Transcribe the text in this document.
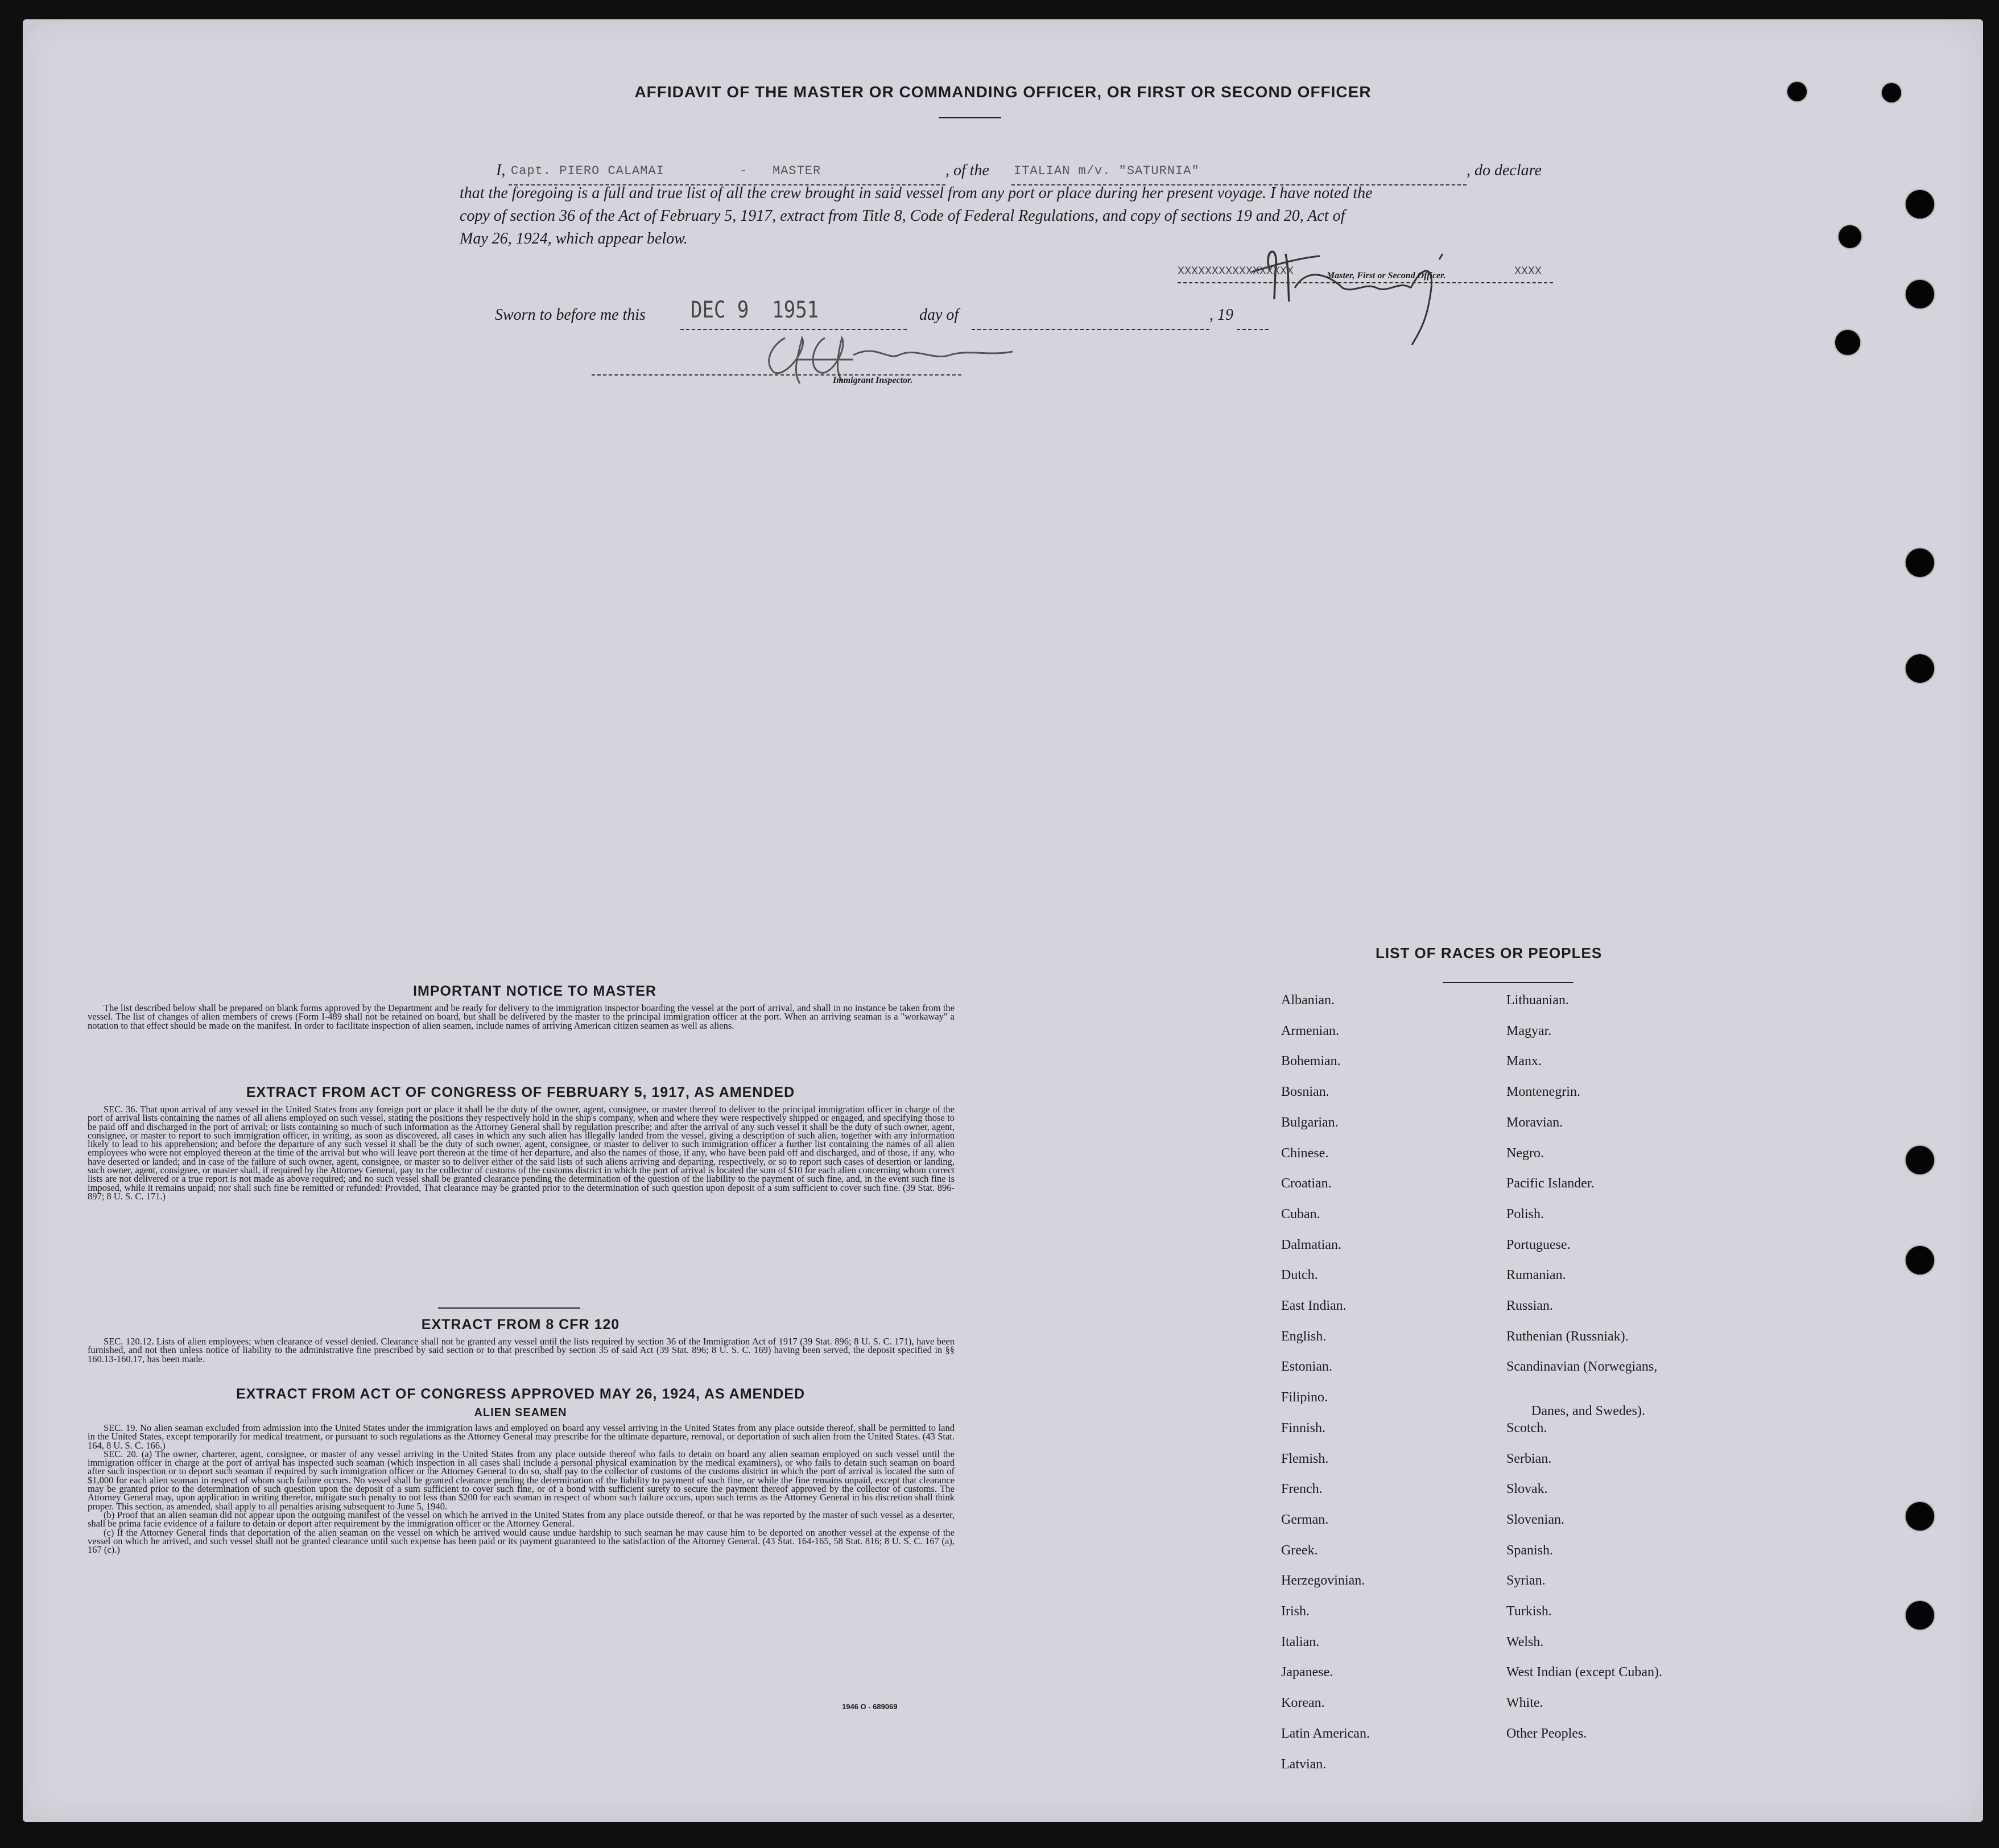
AFFIDAVIT OF THE MASTER OR COMMANDING OFFICER, OR FIRST OR SECOND OFFICER
I, Capt. PIERO CALAMAI	- MASTER	, of the ITALIAN m/v. "SATURNIA"	, do declare
that the foregoing is a full and true list of all the crew brought in said vessel from any port or place during her present voyage. I have noted the
copy of section 36 of the Act of February 5, 1917, extract from Title 8, Code of Federal Regulations, and copy of sections 19 and 20, Act of
May 26, 1924, which appear below.
XXXXXXXXXXXXXXXXX	XXXX
Master, First or Second Officer.
Sworn to before me this DEC 9  1951	day of	, 19
Immigrant Inspector.
IMPORTANT NOTICE TO MASTER

The list described below shall be prepared on blank forms approved by the Department and be ready for delivery to the immigration inspector boarding the vessel at the port of arrival, and shall in no instance be taken from the vessel. The list of changes of alien members of crews (Form I-489 shall not be retained on board, but shall be delivered by the master to the principal immigration officer at the port. When an arriving seaman is a "workaway" a notation to that effect should be made on the manifest. In order to facilitate inspection of alien seamen, include names of arriving American citizen seamen as well as aliens.

EXTRACT FROM ACT OF CONGRESS OF FEBRUARY 5, 1917, AS AMENDED

SEC. 36. That upon arrival of any vessel in the United States from any foreign port or place it shall be the duty of the owner, agent, consignee, or master thereof to deliver to the principal immigration officer in charge of the port of arrival lists containing the names of all aliens employed on such vessel, stating the positions they respectively hold in the ship's company, when and where they were respectively shipped or engaged, and specifying those to be paid off and discharged in the port of arrival; or lists containing so much of such information as the Attorney General shall by regulation prescribe; and after the arrival of any such vessel it shall be the duty of such owner, agent, consignee, or master to report to such immigration officer, in writing, as soon as discovered, all cases in which any such alien has illegally landed from the vessel, giving a description of such alien, together with any information likely to lead to his apprehension; and before the departure of any such vessel it shall be the duty of such owner, agent, consignee, or master to deliver to such immigration officer a further list containing the names of all alien employees who were not employed thereon at the time of the arrival but who will leave port thereon at the time of her departure, and also the names of those, if any, who have been paid off and discharged, and of those, if any, who have deserted or landed; and in case of the failure of such owner, agent, consignee, or master so to deliver either of the said lists of such aliens arriving and departing, respectively, or so to report such cases of desertion or landing, such owner, agent, consignee, or master shall, if required by the Attorney General, pay to the collector of customs of the customs district in which the port of arrival is located the sum of $10 for each alien concerning whom correct lists are not delivered or a true report is not made as above required; and no such vessel shall be granted clearance pending the determination of the question of the liability to the payment of such fine, and, in the event such fine is imposed, while it remains unpaid; nor shall such fine be remitted or refunded: Provided, That clearance may be granted prior to the determination of such question upon deposit of a sum sufficient to cover such fine. (39 Stat. 896-897; 8 U. S. C. 171.)

EXTRACT FROM 8 CFR 120

SEC. 120.12. Lists of alien employees; when clearance of vessel denied. Clearance shall not be granted any vessel until the lists required by section 36 of the Immigration Act of 1917 (39 Stat. 896; 8 U. S. C. 171), have been furnished, and not then unless notice of liability to the administrative fine prescribed by said section or to that prescribed by section 35 of said Act (39 Stat. 896; 8 U. S. C. 169) having been served, the deposit specified in §§ 160.13-160.17, has been made.

EXTRACT FROM ACT OF CONGRESS APPROVED MAY 26, 1924, AS AMENDED
ALIEN SEAMEN

SEC. 19. No alien seaman excluded from admission into the United States under the immigration laws and employed on board any vessel arriving in the United States from any place outside thereof, shall be permitted to land in the United States, except temporarily for medical treatment, or pursuant to such regulations as the Attorney General may prescribe for the ultimate departure, removal, or deportation of such alien from the United States. (43 Stat. 164, 8 U. S. C. 166.)

SEC. 20. (a) The owner, charterer, agent, consignee, or master of any vessel arriving in the United States from any place outside thereof who fails to detain on board any alien seaman employed on such vessel until the immigration officer in charge at the port of arrival has inspected such seaman (which inspection in all cases shall include a personal physical examination by the medical examiners), or who fails to detain such seaman on board after such inspection or to deport such seaman if required by such immigration officer or the Attorney General to do so, shall pay to the collector of customs of the customs district in which the port of arrival is located the sum of $1,000 for each alien seaman in respect of whom such failure occurs. No vessel shall be granted clearance pending the determination of the liability to payment of such fine, or while the fine remains unpaid, except that clearance may be granted prior to the determination of such question upon the deposit of a sum sufficient to cover such fine, or of a bond with sufficient surety to secure the payment thereof approved by the collector of customs. The Attorney General may, upon application in writing therefor, mitigate such penalty to not less than $200 for each seaman in respect of whom such failure occurs, upon such terms as the Attorney General in his discretion shall think proper. This section, as amended, shall apply to all penalties arising subsequent to June 5, 1940.

(b) Proof that an alien seaman did not appear upon the outgoing manifest of the vessel on which he arrived in the United States from any place outside thereof, or that he was reported by the master of such vessel as a deserter, shall be prima facie evidence of a failure to detain or deport after requirement by the immigration officer or the Attorney General.

(c) If the Attorney General finds that deportation of the alien seaman on the vessel on which he arrived would cause undue hardship to such seaman he may cause him to be deported on another vessel at the expense of the vessel on which he arrived, and such vessel shall not be granted clearance until such expense has been paid or its payment guaranteed to the satisfaction of the Attorney General. (43 Stat. 164-165, 58 Stat. 816; 8 U. S. C. 167 (a), 167 (c).)

1946 O - 689069
LIST OF RACES OR PEOPLES
Albanian.
Armenian.
Bohemian.
Bosnian.
Bulgarian.
Chinese.
Croatian.
Cuban.
Dalmatian.
Dutch.
East Indian.
English.
Estonian.
Filipino.
Finnish.
Flemish.
French.
German.
Greek.
Herzegovinian.
Irish.
Italian.
Japanese.
Korean.
Latin American.
Latvian.
Lithuanian.
Magyar.
Manx.
Montenegrin.
Moravian.
Negro.
Pacific Islander.
Polish.
Portuguese.
Rumanian.
Russian.
Ruthenian (Russniak).
Scandinavian (Norwegians,
Danes, and Swedes).
Scotch.
Serbian.
Slovak.
Slovenian.
Spanish.
Syrian.
Turkish.
Welsh.
West Indian (except Cuban).
White.
Other Peoples.
